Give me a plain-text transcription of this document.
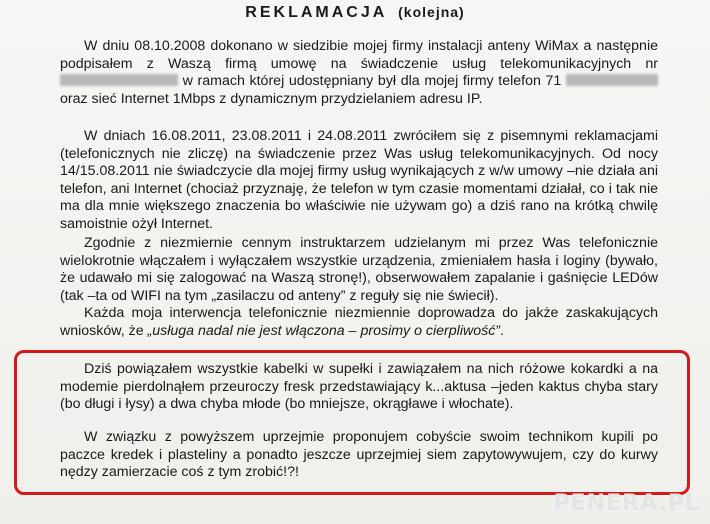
REKLAMACJA (kolejna)
W dniu 08.10.2008 dokonano w siedzibie mojej firmy instalacji anteny WiMax a następnie podpisałem z Waszą firmą umowę na świadczenie usług telekomunikacyjnych nr  w ramach której udostępniany był dla mojej firmy telefon 71  oraz sieć Internet 1Mbps z dynamicznym przydzielaniem adresu IP.
W dniach 16.08.2011, 23.08.2011 i 24.08.2011 zwróciłem się z pisemnymi reklamacjami (telefonicznych nie zliczę) na świadczenie przez Was usług telekomunikacyjnych. Od nocy 14/15.08.2011 nie świadczycie dla mojej firmy usług wynikających z w/w umowy –nie działa ani telefon, ani Internet (chociaż przyznaję, że telefon w tym czasie momentami działał, co i tak nie ma dla mnie większego znaczenia bo właściwie nie używam go) a dziś rano na krótką chwilę samoistnie ożył Internet.
Zgodnie z niezmiernie cennym instruktarzem udzielanym mi przez Was telefonicznie wielokrotnie włączałem i wyłączałem wszystkie urządzenia, zmieniałem hasła i loginy (bywało, że udawało mi się zalogować na Waszą stronę!), obserwowałem zapalanie i gaśnięcie LEDów (tak –ta od WIFI na tym „zasilaczu od anteny” z reguły się nie świecił).
Każda moja interwencja telefonicznie niezmiennie doprowadza do jakże zaskakujących wniosków, że „usługa nadal nie jest włączona – prosimy o cierpliwość”.
Dziś powiązałem wszystkie kabelki w supełki i zawiązałem na nich różowe kokardki a na modemie pierdolnąłem przeuroczy fresk przedstawiający k...aktusa –jeden kaktus chyba stary (bo długi i łysy) a dwa chyba młode (bo mniejsze, okrągławe i włochate).
W związku z powyższem uprzejmie proponujem cobyście swoim technikom kupili po paczce kredek i plasteliny a ponadto jeszcze uprzejmiej siem zapytowywujem, czy do kurwy nędzy zamierzacie coś z tym zrobić!?!
PENERA.PL
